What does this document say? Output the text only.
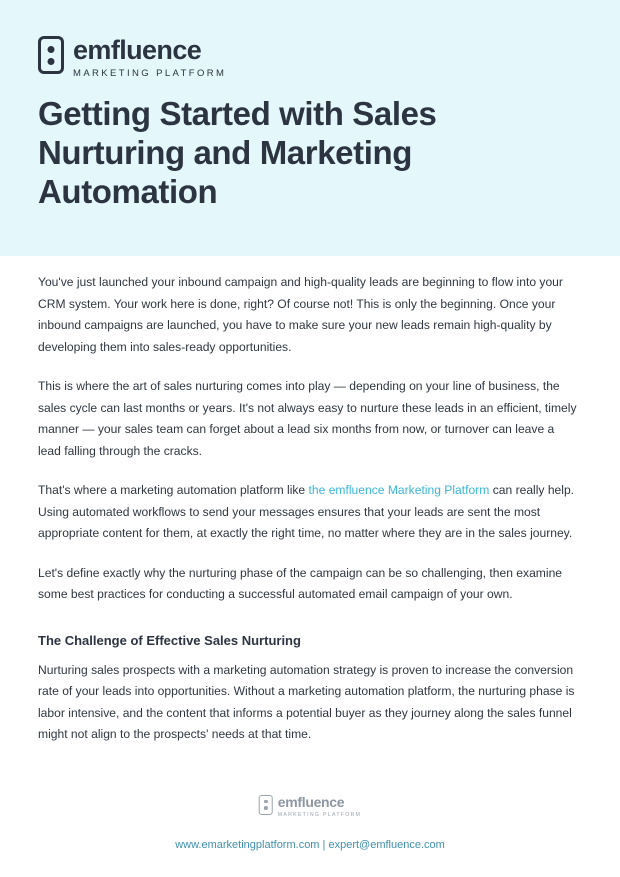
emfluence
MARKETING PLATFORM
Getting Started with Sales Nurturing and Marketing Automation

You've just launched your inbound campaign and high-quality leads are beginning to flow into your CRM system. Your work here is done, right? Of course not! This is only the beginning. Once your inbound campaigns are launched, you have to make sure your new leads remain high-quality by developing them into sales-ready opportunities.

This is where the art of sales nurturing comes into play — depending on your line of business, the sales cycle can last months or years. It's not always easy to nurture these leads in an efficient, timely manner — your sales team can forget about a lead six months from now, or turnover can leave a lead falling through the cracks.

That's where a marketing automation platform like the emfluence Marketing Platform can really help. Using automated workflows to send your messages ensures that your leads are sent the most appropriate content for them, at exactly the right time, no matter where they are in the sales journey.

Let's define exactly why the nurturing phase of the campaign can be so challenging, then examine some best practices for conducting a successful automated email campaign of your own.

The Challenge of Effective Sales Nurturing

Nurturing sales prospects with a marketing automation strategy is proven to increase the conversion rate of your leads into opportunities. Without a marketing automation platform, the nurturing phase is labor intensive, and the content that informs a potential buyer as they journey along the sales funnel might not align to the prospects' needs at that time.

emfluence
MARKETING PLATFORM
www.emarketingplatform.com | expert@emfluence.com
